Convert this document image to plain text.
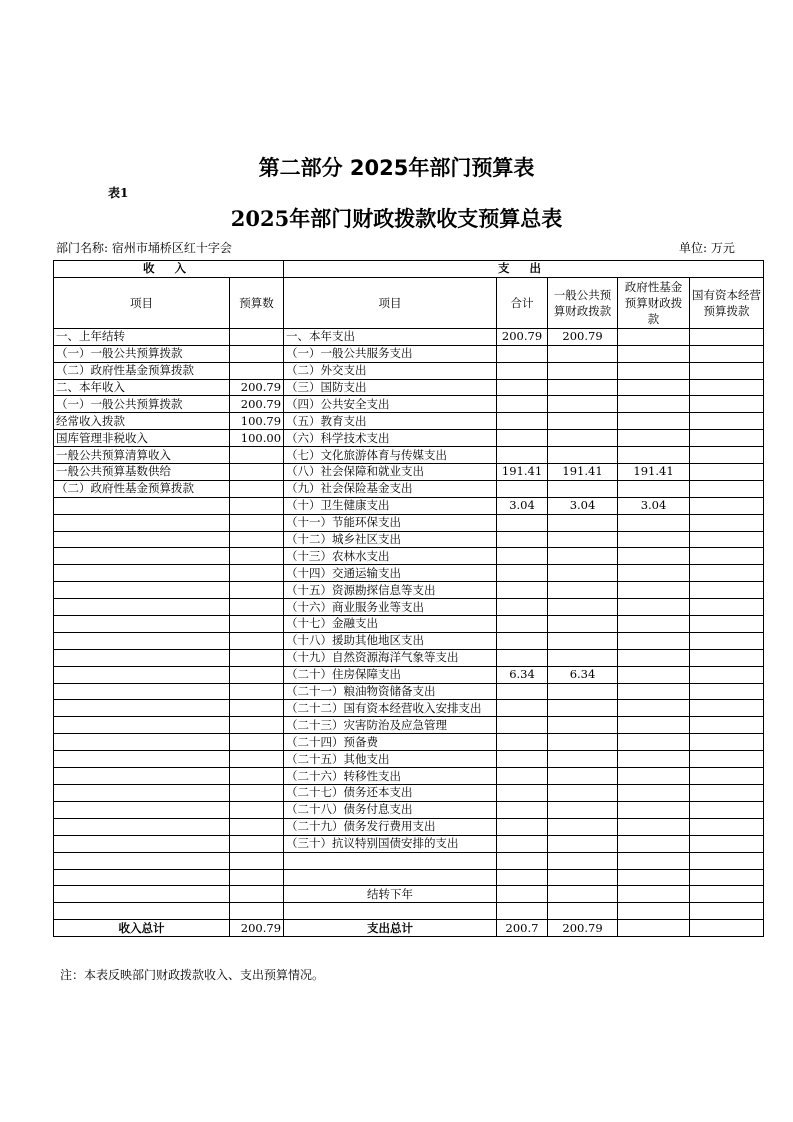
第二部分 2025年部门预算表
表1
2025年部门财政拨款收支预算总表
部门名称: 宿州市埇桥区红十字会	单位: 万元
收 入		支 出				
项目	预算数	项目	合计	一般公共预算财政拨款	政府性基金预算财政拨款	国有资本经营预算拨款
一、上年结转		一、本年支出	200.79	200.79		
（一）一般公共预算拨款		（一）一般公共服务支出				
（二）政府性基金预算拨款		（二）外交支出				
二、本年收入	200.79	（三）国防支出				
（一）一般公共预算拨款	200.79	（四）公共安全支出				
经常收入拨款	100.79	（五）教育支出				
国库管理非税收入	100.00	（六）科学技术支出				
一般公共预算清算收入		（七）文化旅游体育与传媒支出				
一般公共预算基数供给		（八）社会保障和就业支出	191.41	191.41	191.41	
（二）政府性基金预算拨款		（九）社会保险基金支出				
		（十）卫生健康支出	3.04	3.04	3.04	
		（十一）节能环保支出				
		（十二）城乡社区支出				
		（十三）农林水支出				
		（十四）交通运输支出				
		（十五）资源勘探信息等支出				
		（十六）商业服务业等支出				
		（十七）金融支出				
		（十八）援助其他地区支出				
		（十九）自然资源海洋气象等支出				
		（二十）住房保障支出	6.34	6.34		
		（二十一）粮油物资储备支出				
		（二十二）国有资本经营收入安排支出				
		（二十三）灾害防治及应急管理				
		（二十四）预备费				
		（二十五）其他支出				
		（二十六）转移性支出				
		（二十七）债务还本支出				
		（二十八）债务付息支出				
		（二十九）债务发行费用支出				
		（三十）抗议特别国债安排的支出				

		结转下年				

收入总计	200.79	支出总计	200.7	200.79		
注：本表反映部门财政拨款收入、支出预算情况。
